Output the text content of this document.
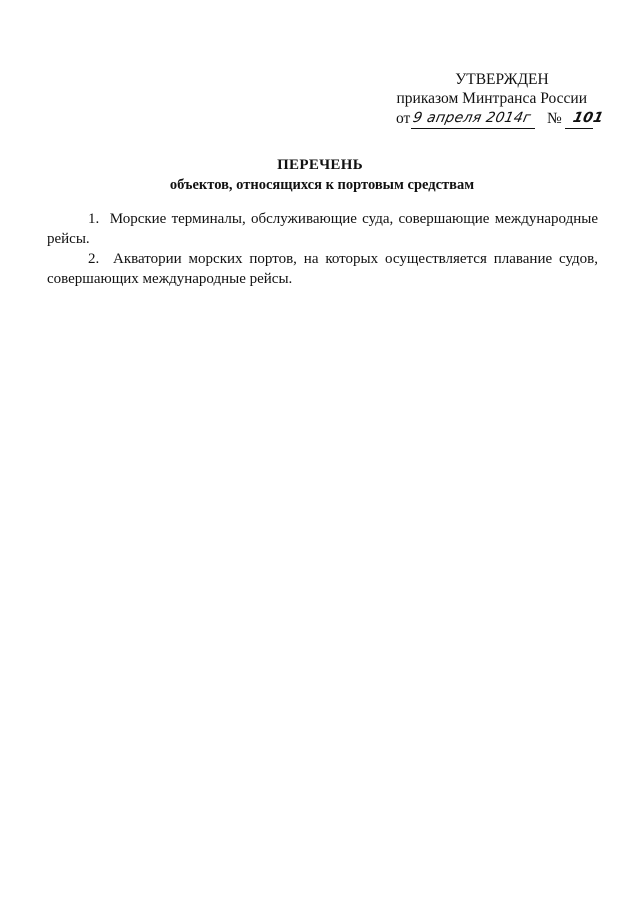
УТВЕРЖДЕН
приказом Минтранса России
от 9 апреля 2014г № 101
ПЕРЕЧЕНЬ
объектов, относящихся к портовым средствам

1. Морские терминалы, обслуживающие суда, совершающие международные рейсы.

2. Акватории морских портов, на которых осуществляется плавание судов, совершающих международные рейсы.
